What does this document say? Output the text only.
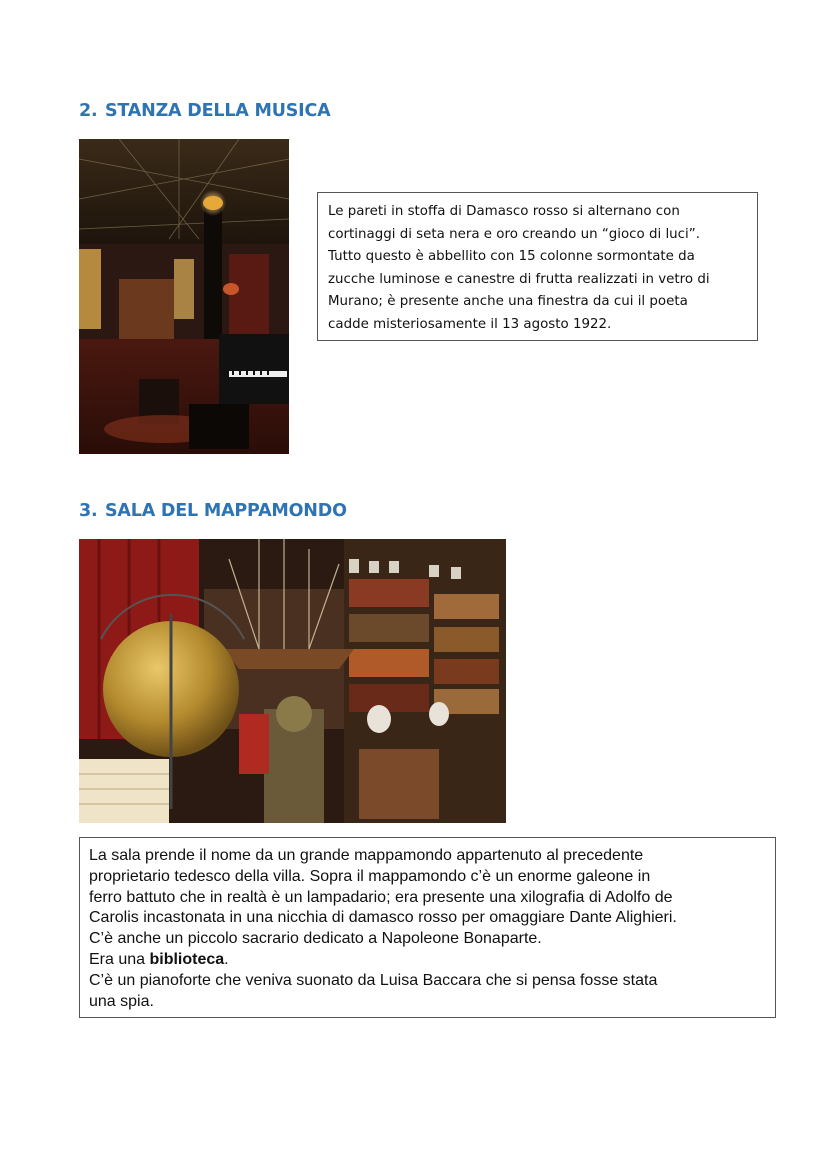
2. STANZA DELLA MUSICA
Le pareti in stoffa di Damasco rosso si alternano con
cortinaggi di seta nera e oro creando un “gioco di luci”.
Tutto questo è abbellito con 15 colonne sormontate da
zucche luminose e canestre di frutta realizzati in vetro di
Murano; è presente anche una finestra da cui il poeta
cadde misteriosamente il 13 agosto 1922.
3. SALA DEL MAPPAMONDO
La sala prende il nome da un grande mappamondo appartenuto al precedente
proprietario tedesco della villa. Sopra il mappamondo c’è un enorme galeone in
ferro battuto che in realtà è un lampadario; era presente una xilografia di Adolfo de
Carolis incastonata in una nicchia di damasco rosso per omaggiare Dante Alighieri.
C’è anche un piccolo sacrario dedicato a Napoleone Bonaparte.
Era una biblioteca.
C’è un pianoforte che veniva suonato da Luisa Baccara che si pensa fosse stata
una spia.
